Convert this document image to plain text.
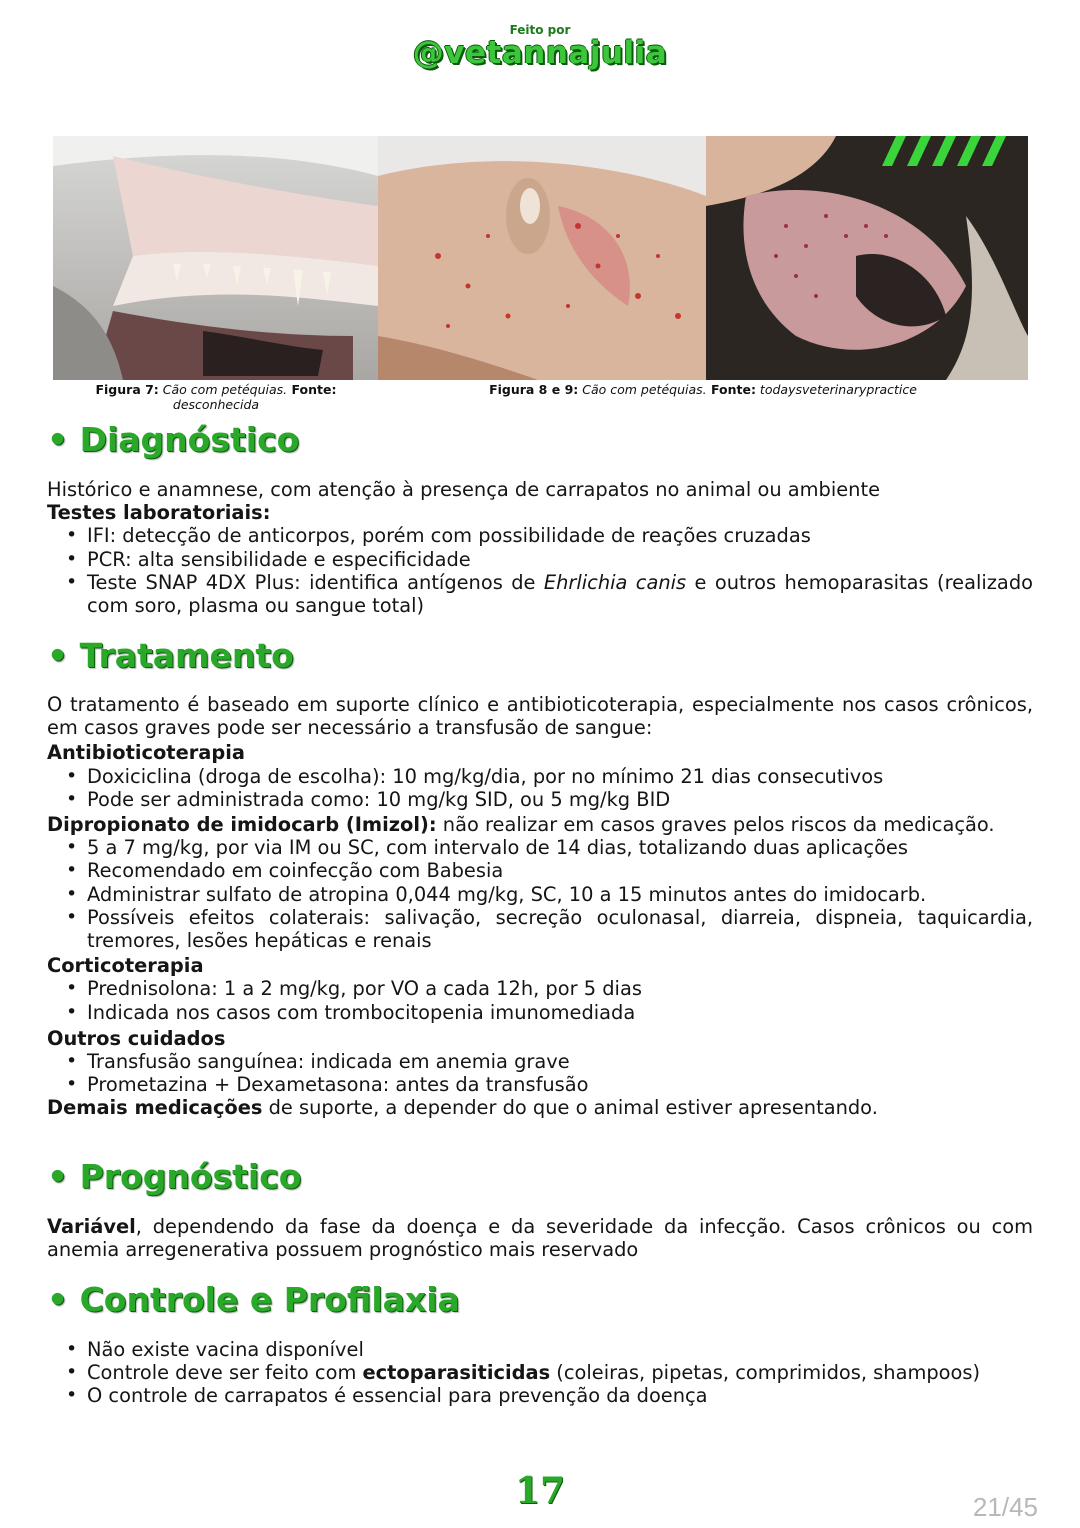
Feito por
@vetannajulia
Figura 7: Cão com petéquias. Fonte:
desconhecida
Figura 8 e 9: Cão com petéquias. Fonte: todaysveterinarypractice
• Diagnóstico

Histórico e anamnese, com atenção à presença de carrapatos no animal ou ambiente

Testes laboratoriais:

• IFI: detecção de anticorpos, porém com possibilidade de reações cruzadas
• PCR: alta sensibilidade e especificidade
• Teste SNAP 4DX Plus: identifica antígenos de Ehrlichia canis e outros hemoparasitas (realizado com soro, plasma ou sangue total)
• Tratamento

O tratamento é baseado em suporte clínico e antibioticoterapia, especialmente nos casos crônicos, em casos graves pode ser necessário a transfusão de sangue:

Antibioticoterapia

• Doxiciclina (droga de escolha): 10 mg/kg/dia, por no mínimo 21 dias consecutivos
• Pode ser administrada como: 10 mg/kg SID, ou 5 mg/kg BID

Dipropionato de imidocarb (Imizol): não realizar em casos graves pelos riscos da medicação.

• 5 a 7 mg/kg, por via IM ou SC, com intervalo de 14 dias, totalizando duas aplicações
• Recomendado em coinfecção com Babesia
• Administrar sulfato de atropina 0,044 mg/kg, SC, 10 a 15 minutos antes do imidocarb.
• Possíveis efeitos colaterais: salivação, secreção oculonasal, diarreia, dispneia, taquicardia, tremores, lesões hepáticas e renais

Corticoterapia

• Prednisolona: 1 a 2 mg/kg, por VO a cada 12h, por 5 dias
• Indicada nos casos com trombocitopenia imunomediada

Outros cuidados

• Transfusão sanguínea: indicada em anemia grave
• Prometazina + Dexametasona: antes da transfusão

Demais medicações de suporte, a depender do que o animal estiver apresentando.

• Prognóstico

Variável, dependendo da fase da doença e da severidade da infecção. Casos crônicos ou com anemia arregenerativa possuem prognóstico mais reservado

• Controle e Profilaxia
• Não existe vacina disponível
• Controle deve ser feito com ectoparasiticidas (coleiras, pipetas, comprimidos, shampoos)
• O controle de carrapatos é essencial para prevenção da doença
17	21/45
